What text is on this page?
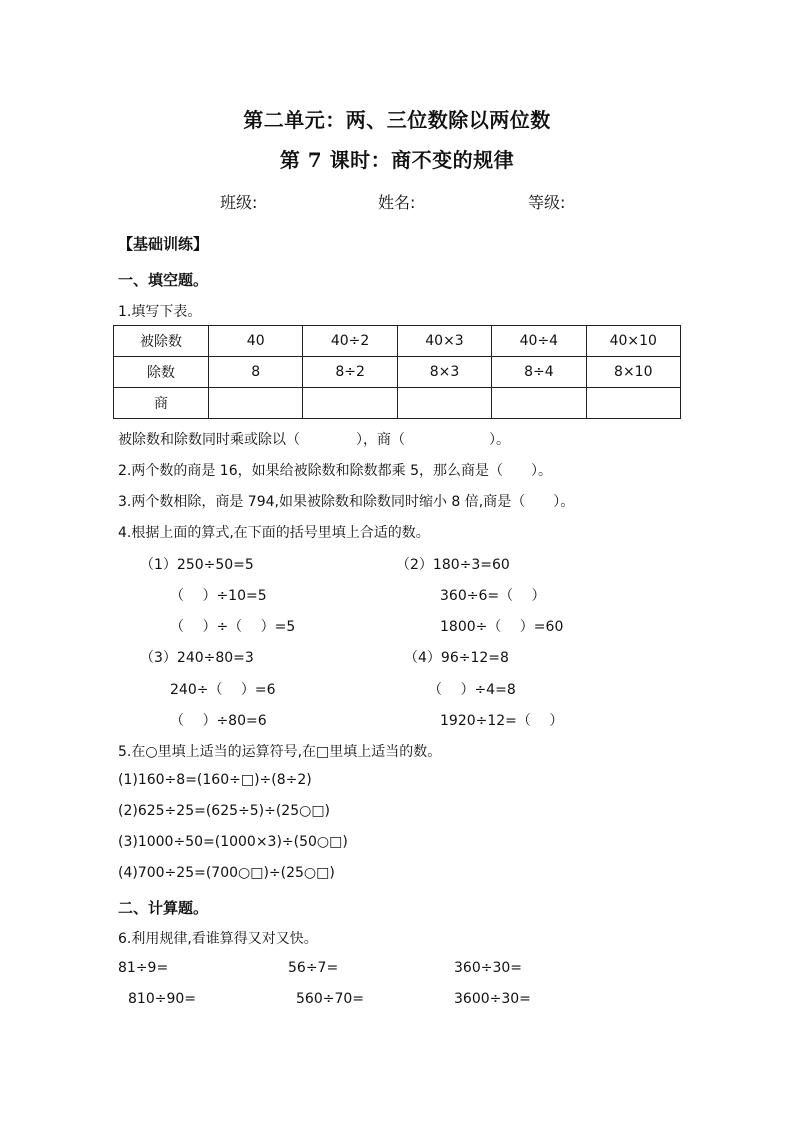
第二单元：两、三位数除以两位数
第 7 课时：商不变的规律
班级:	姓名:	等级:
【基础训练】
一、填空题。
1.填写下表。
被除数	40	40÷2	40×3	40÷4	40×10
除数	8	8÷2	8×3	8÷4	8×10
商					
被除数和除数同时乘或除以（　　　　），商（　　　　　　）。
2.两个数的商是 16，如果给被除数和除数都乘 5，那么商是（　　）。
3.两个数相除，商是 794,如果被除数和除数同时缩小 8 倍,商是（　　）。
4.根据上面的算式,在下面的括号里填上合适的数。
（1）250÷50=5
（　 ）÷10=5
（　 ）÷（　 ）=5
（2）180÷3=60
360÷6=（　 ）
1800÷（　 ）=60
（3）240÷80=3
240÷（　 ）=6
（　 ）÷80=6
（4）96÷12=8
（　 ）÷4=8
1920÷12=（　 ）
5.在○里填上适当的运算符号,在□里填上适当的数。
(1)160÷8=(160÷□)÷(8÷2)
(2)625÷25=(625÷5)÷(25○□)
(3)1000÷50=(1000×3)÷(50○□)
(4)700÷25=(700○□)÷(25○□)
二、计算题。
6.利用规律,看谁算得又对又快。
81÷9=	56÷7=	360÷30=
810÷90=	560÷70=	3600÷30=
